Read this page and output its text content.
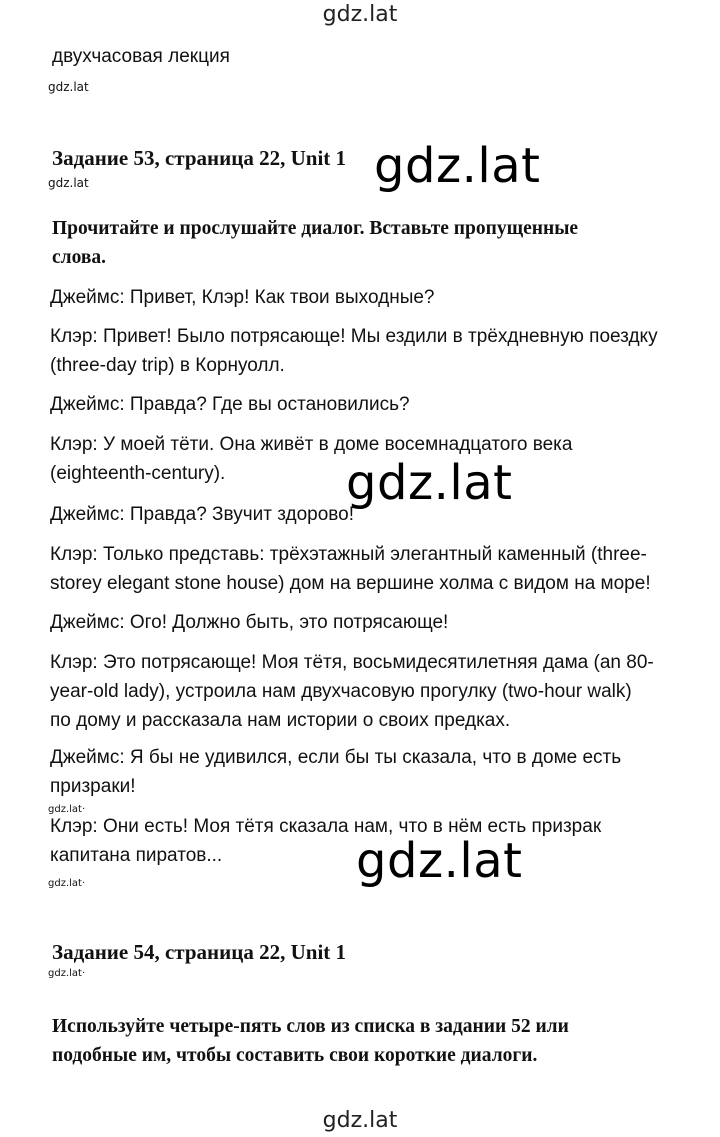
gdz.lat
gdz.lat
gdz.lat	gdz.lat
gdz.lat
gdz.lat
gdz.lat·
gdz.lat·
gdz.lat·
gdz.lat
двухчасовая лекция
Задание 53, страница 22, Unit 1
Прочитайте и прослушайте диалог. Вставьте пропущенные
слова.
Джеймс: Привет, Клэр! Как твои выходные?
Клэр: Привет! Было потрясающе! Мы ездили в трёхдневную поездку
(three-day trip) в Корнуолл.
Джеймс: Правда? Где вы остановились?
Клэр: У моей тёти. Она живёт в доме восемнадцатого века
(eighteenth-century).
Джеймс: Правда? Звучит здорово!
Клэр: Только представь: трёхэтажный элегантный каменный (three-
storey elegant stone house) дом на вершине холма с видом на море!
Джеймс: Ого! Должно быть, это потрясающе!
Клэр: Это потрясающе! Моя тётя, восьмидесятилетняя дама (an 80-
year-old lady), устроила нам двухчасовую прогулку (two-hour walk)
по дому и рассказала нам истории о своих предках.
Джеймс: Я бы не удивился, если бы ты сказала, что в доме есть
призраки!
Клэр: Они есть! Моя тётя сказала нам, что в нём есть призрак
капитана пиратов...
Задание 54, страница 22, Unit 1
Используйте четыре-пять слов из списка в задании 52 или
подобные им, чтобы составить свои короткие диалоги.
